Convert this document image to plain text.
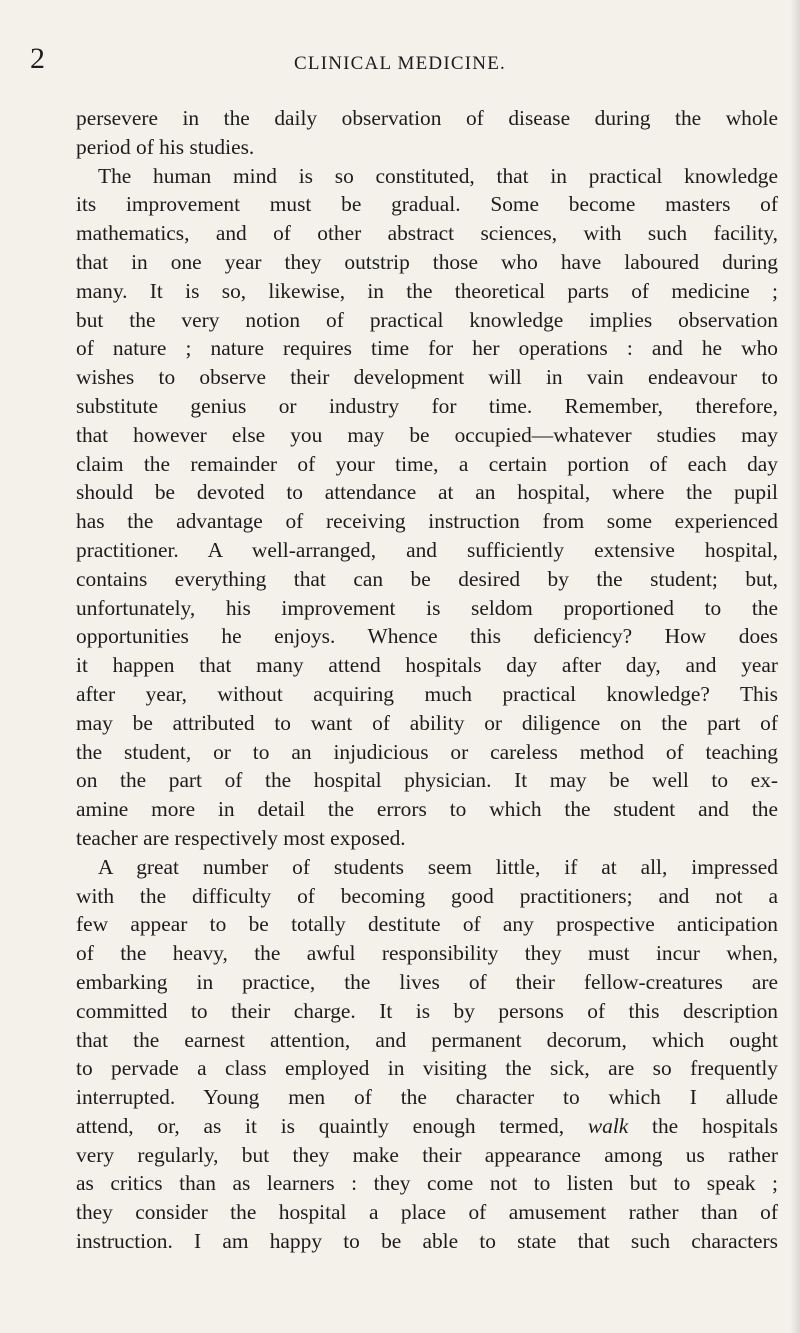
2	CLINICAL MEDICINE.
persevere in the daily observation of disease during the whole
period of his studies.
The human mind is so constituted, that in practical knowledge
its improvement must be gradual. Some become masters of
mathematics, and of other abstract sciences, with such facility,
that in one year they outstrip those who have laboured during
many. It is so, likewise, in the theoretical parts of medicine ;
but the very notion of practical knowledge implies observation
of nature ; nature requires time for her operations : and he who
wishes to observe their development will in vain endeavour to
substitute genius or industry for time. Remember, therefore,
that however else you may be occupied—whatever studies may
claim the remainder of your time, a certain portion of each day
should be devoted to attendance at an hospital, where the pupil
has the advantage of receiving instruction from some experienced
practitioner. A well-arranged, and sufficiently extensive hospital,
contains everything that can be desired by the student; but,
unfortunately, his improvement is seldom proportioned to the
opportunities he enjoys. Whence this deficiency? How does
it happen that many attend hospitals day after day, and year
after year, without acquiring much practical knowledge? This
may be attributed to want of ability or diligence on the part of
the student, or to an injudicious or careless method of teaching
on the part of the hospital physician. It may be well to ex-
amine more in detail the errors to which the student and the
teacher are respectively most exposed.
A great number of students seem little, if at all, impressed
with the difficulty of becoming good practitioners; and not a
few appear to be totally destitute of any prospective anticipation
of the heavy, the awful responsibility they must incur when,
embarking in practice, the lives of their fellow-creatures are
committed to their charge. It is by persons of this description
that the earnest attention, and permanent decorum, which ought
to pervade a class employed in visiting the sick, are so frequently
interrupted. Young men of the character to which I allude
attend, or, as it is quaintly enough termed, walk the hospitals
very regularly, but they make their appearance among us rather
as critics than as learners : they come not to listen but to speak ;
they consider the hospital a place of amusement rather than of
instruction. I am happy to be able to state that such characters
